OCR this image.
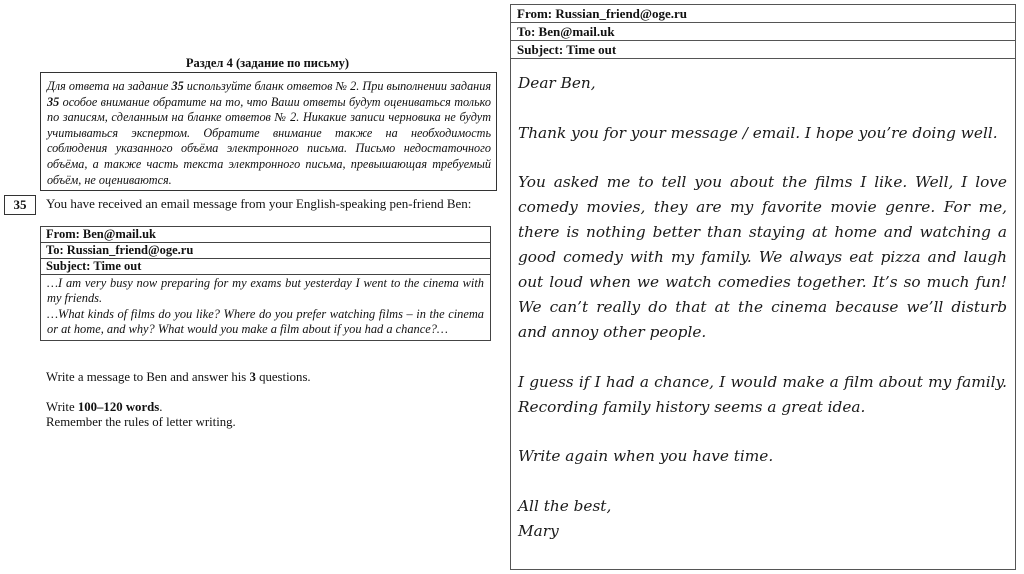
Раздел 4 (задание по письму)
Для ответа на задание 35 используйте бланк ответов № 2. При выполнении задания 35 особое внимание обратите на то, что Ваши ответы будут оцениваться только по записям, сделанным на бланке ответов № 2. Никакие записи черновика не будут учитываться экспертом. Обратите внимание также на необходимость соблюдения указанного объёма электронного письма. Письмо недостаточного объёма, а также часть текста электронного письма, превышающая требуемый объём, не оцениваются.
35	You have received an email message from your English-speaking pen-friend Ben:
From: Ben@mail.uk
To: Russian_friend@oge.ru
Subject: Time out

…I am very busy now preparing for my exams but yesterday I went to the cinema with my friends.

…What kinds of films do you like? Where do you prefer watching films – in the cinema or at home, and why? What would you make a film about if you had a chance?…

Write a message to Ben and answer his 3 questions.

Write 100–120 words.

Remember the rules of letter writing.

From: Russian_friend@oge.ru
To: Ben@mail.uk
Subject: Time out

Dear Ben,

Thank you for your message / email. I hope you’re doing well.

You asked me to tell you about the films I like. Well, I love comedy movies, they are my favorite movie genre. For me, there is nothing better than staying at home and watching a good comedy with my family. We always eat pizza and laugh out loud when we watch comedies together. It’s so much fun! We can’t really do that at the cinema because we’ll disturb and annoy other people.

I guess if I had a chance, I would make a film about my family. Recording family history seems a great idea.

Write again when you have time.

All the best,

Mary
